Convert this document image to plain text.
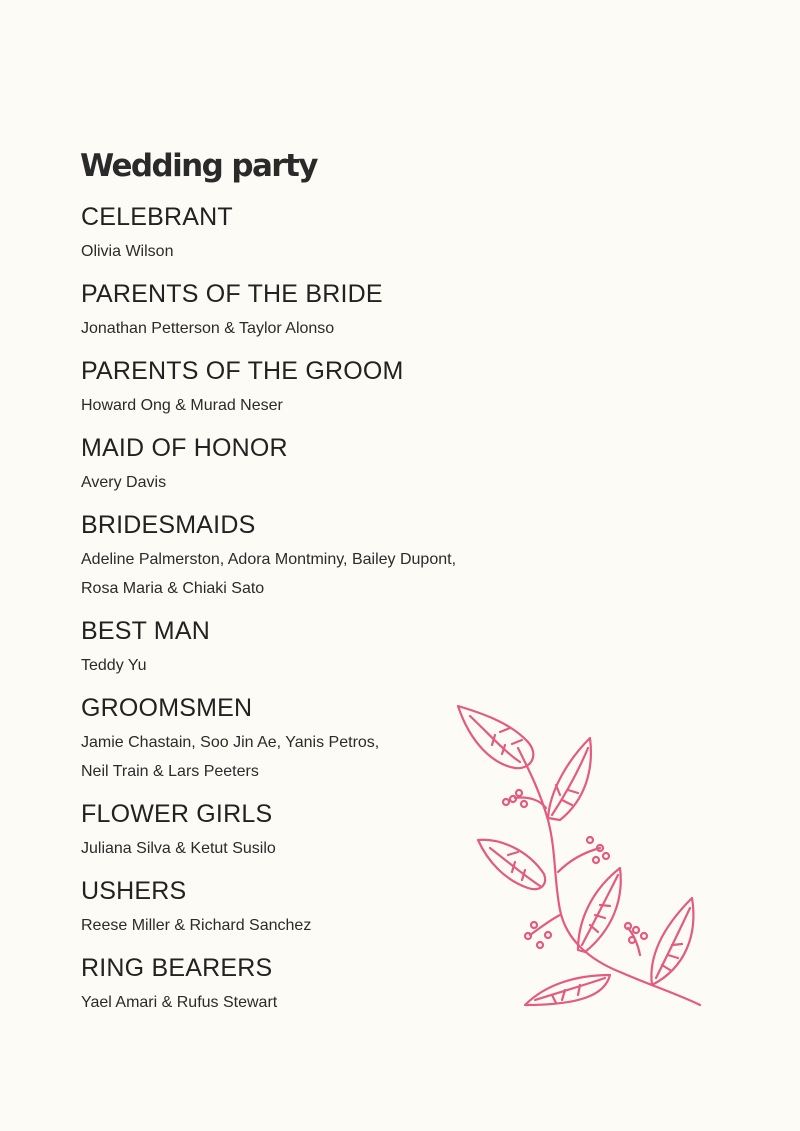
Wedding party
CELEBRANT
Olivia Wilson
PARENTS OF THE BRIDE
Jonathan Petterson & Taylor Alonso
PARENTS OF THE GROOM
Howard Ong & Murad Neser
MAID OF HONOR
Avery Davis
BRIDESMAIDS
Adeline Palmerston, Adora Montminy, Bailey Dupont,
Rosa Maria & Chiaki Sato
BEST MAN
Teddy Yu
GROOMSMEN
Jamie Chastain, Soo Jin Ae, Yanis Petros,
Neil Train & Lars Peeters
FLOWER GIRLS
Juliana Silva & Ketut Susilo
USHERS
Reese Miller & Richard Sanchez
RING BEARERS
Yael Amari & Rufus Stewart
